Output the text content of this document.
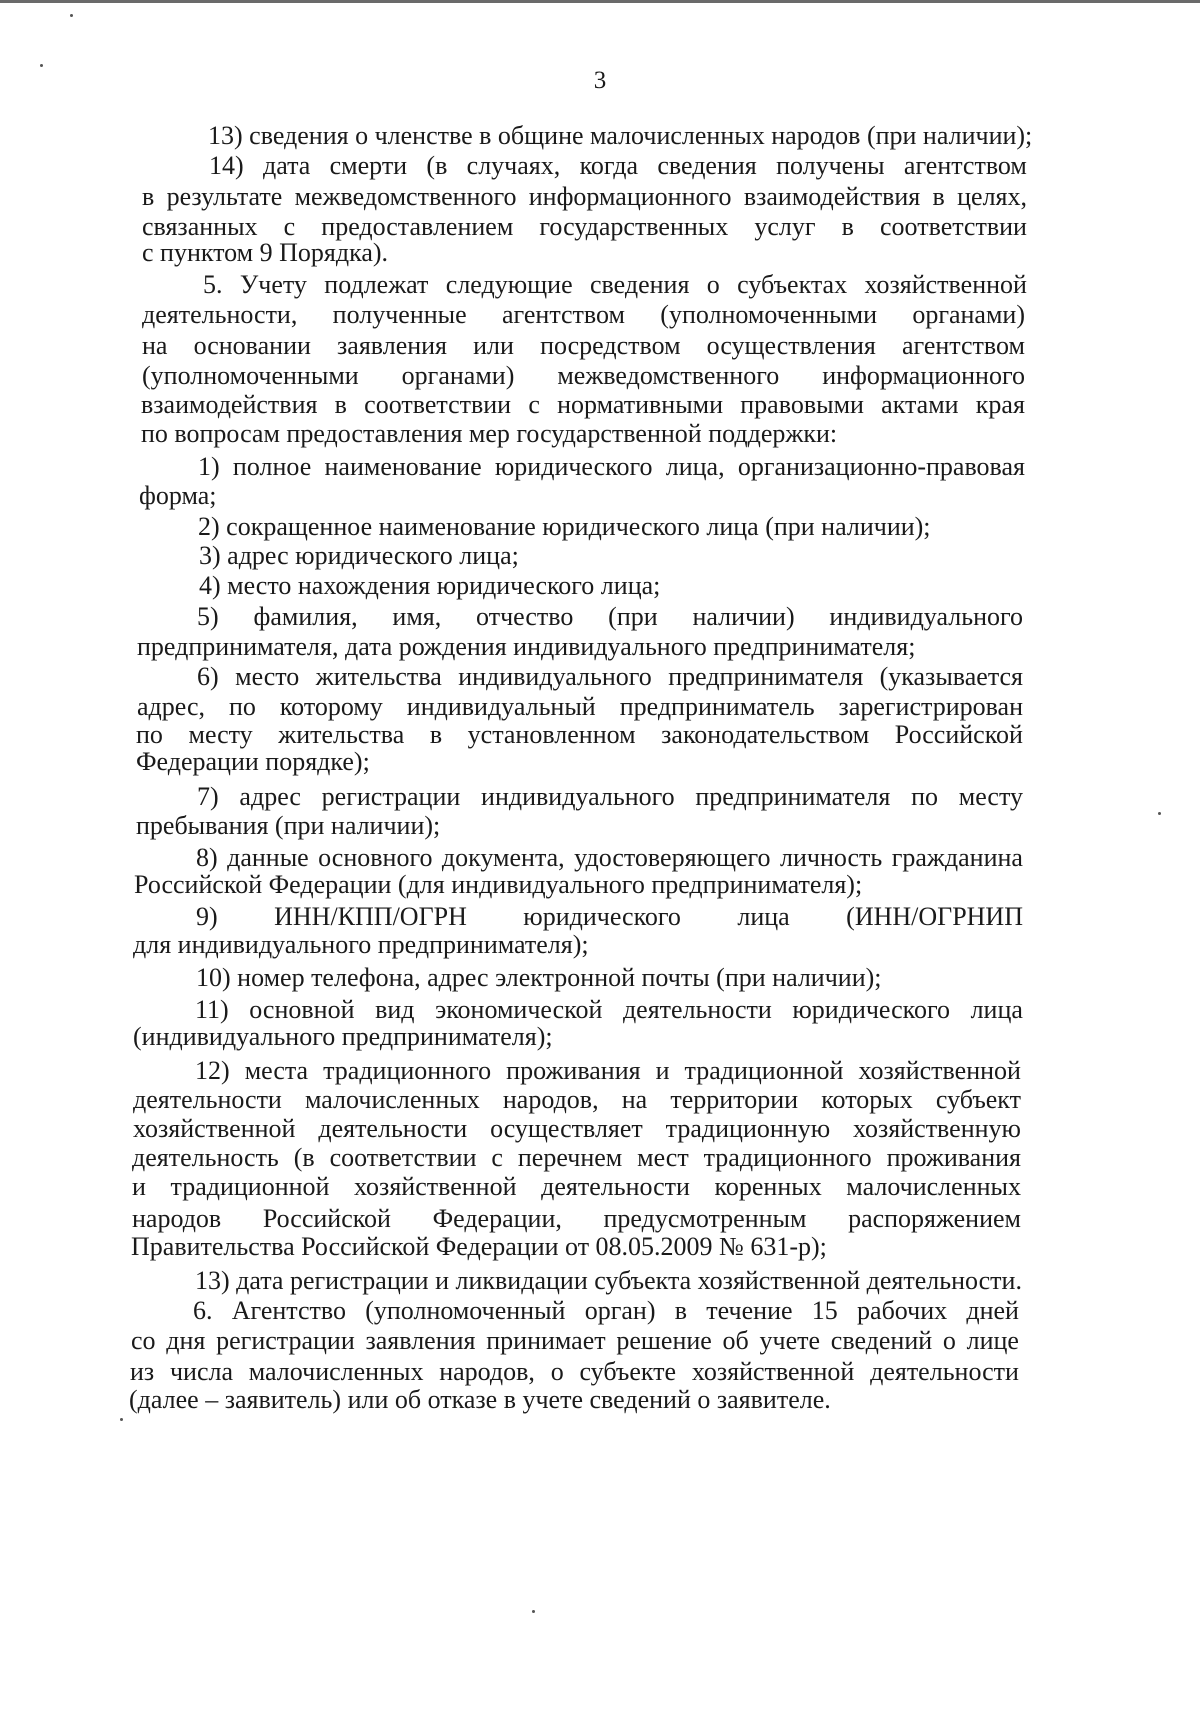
3
13) сведения о членстве в общине малочисленных народов (при наличии);
14) дата смерти (в случаях, когда сведения получены агентством
в результате межведомственного информационного взаимодействия в целях,
связанных с предоставлением государственных услуг в соответствии
с пунктом 9 Порядка).
5. Учету подлежат следующие сведения о субъектах хозяйственной
деятельности, полученные агентством (уполномоченными органами)
на основании заявления или посредством осуществления агентством
(уполномоченными органами) межведомственного информационного
взаимодействия в соответствии с нормативными правовыми актами края
по вопросам предоставления мер государственной поддержки:
1) полное наименование юридического лица, организационно-правовая
форма;
2) сокращенное наименование юридического лица (при наличии);
3) адрес юридического лица;
4) место нахождения юридического лица;
5) фамилия, имя, отчество (при наличии) индивидуального
предпринимателя, дата рождения индивидуального предпринимателя;
6) место жительства индивидуального предпринимателя (указывается
адрес, по которому индивидуальный предприниматель зарегистрирован
по месту жительства в установленном законодательством Российской
Федерации порядке);
7) адрес регистрации индивидуального предпринимателя по месту
пребывания (при наличии);
8) данные основного документа, удостоверяющего личность гражданина
Российской Федерации (для индивидуального предпринимателя);
9) ИНН/КПП/ОГРН юридического лица (ИНН/ОГРНИП
для индивидуального предпринимателя);
10) номер телефона, адрес электронной почты (при наличии);
11) основной вид экономической деятельности юридического лица
(индивидуального предпринимателя);
12) места традиционного проживания и традиционной хозяйственной
деятельности малочисленных народов, на территории которых субъект
хозяйственной деятельности осуществляет традиционную хозяйственную
деятельность (в соответствии с перечнем мест традиционного проживания
и традиционной хозяйственной деятельности коренных малочисленных
народов Российской Федерации, предусмотренным распоряжением
Правительства Российской Федерации от 08.05.2009 № 631-р);
13) дата регистрации и ликвидации субъекта хозяйственной деятельности.
6. Агентство (уполномоченный орган) в течение 15 рабочих дней
со дня регистрации заявления принимает решение об учете сведений о лице
из числа малочисленных народов, о субъекте хозяйственной деятельности
(далее – заявитель) или об отказе в учете сведений о заявителе.
